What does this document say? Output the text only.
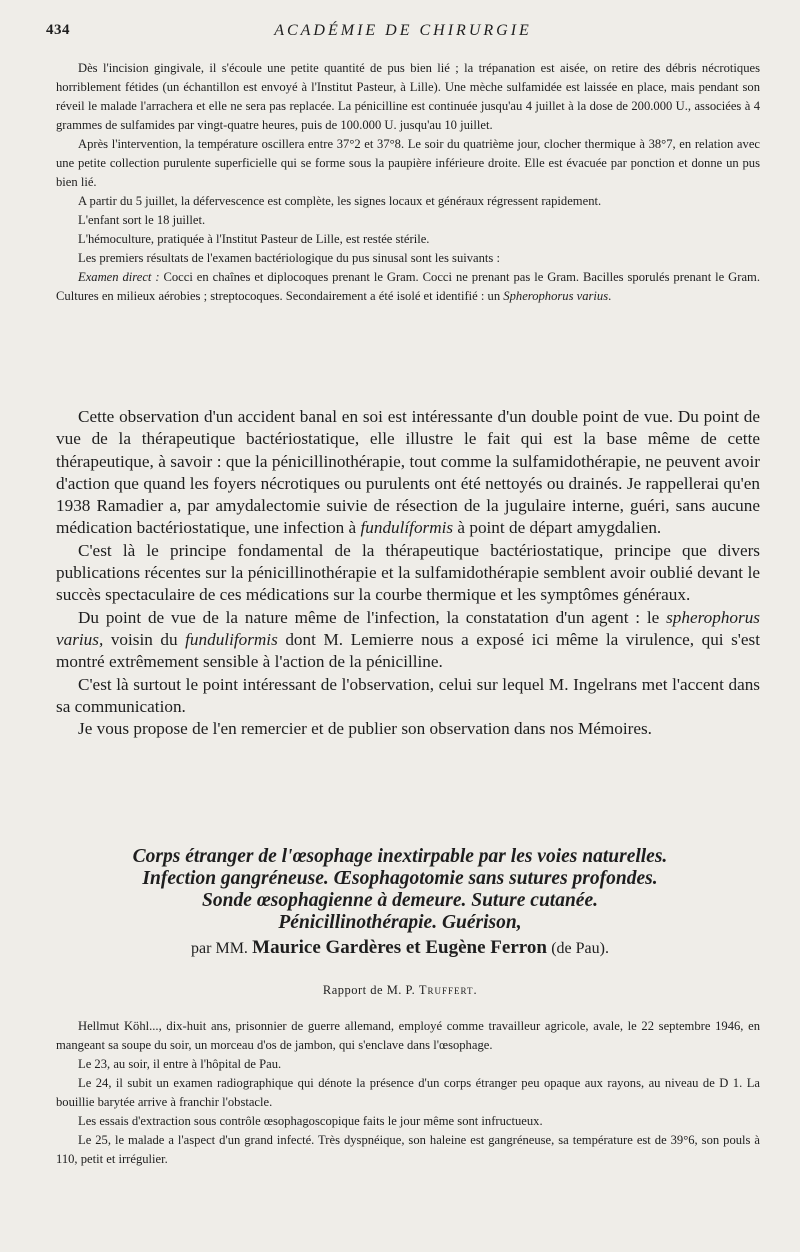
434	ACADÉMIE DE CHIRURGIE

Dès l'incision gingivale, il s'écoule une petite quantité de pus bien lié ; la trépanation est aisée, on retire des débris nécrotiques horriblement fétides (un échantillon est envoyé à l'Institut Pasteur, à Lille). Une mèche sulfamidée est laissée en place, mais pendant son réveil le malade l'arrachera et elle ne sera pas replacée. La pénicilline est continuée jusqu'au 4 juillet à la dose de 200.000 U., associées à 4 grammes de sulfamides par vingt-quatre heures, puis de 100.000 U. jusqu'au 10 juillet.

Après l'intervention, la température oscillera entre 37°2 et 37°8. Le soir du quatrième jour, clocher thermique à 38°7, en relation avec une petite collection purulente superficielle qui se forme sous la paupière inférieure droite. Elle est évacuée par ponction et donne un pus bien lié.

A partir du 5 juillet, la défervescence est complète, les signes locaux et généraux régressent rapidement.

L'enfant sort le 18 juillet.

L'hémoculture, pratiquée à l'Institut Pasteur de Lille, est restée stérile.

Les premiers résultats de l'examen bactériologique du pus sinusal sont les suivants :

Examen direct : Cocci en chaînes et diplocoques prenant le Gram. Cocci ne prenant pas le Gram. Bacilles sporulés prenant le Gram. Cultures en milieux aérobies ; streptocoques. Secondairement a été isolé et identifié : un Spherophorus varius.

Cette observation d'un accident banal en soi est intéressante d'un double point de vue. Du point de vue de la thérapeutique bactériostatique, elle illustre le fait qui est la base même de cette thérapeutique, à savoir : que la pénicillinothérapie, tout comme la sulfamidothérapie, ne peuvent avoir d'action que quand les foyers nécrotiques ou purulents ont été nettoyés ou drainés. Je rappellerai qu'en 1938 Ramadier a, par amydalectomie suivie de résection de la jugulaire interne, guéri, sans aucune médication bactériostatique, une infection à fundulíformis à point de départ amygdalien.

C'est là le principe fondamental de la thérapeutique bactériostatique, principe que divers publications récentes sur la pénicillinothérapie et la sulfamidothérapie semblent avoir oublié devant le succès spectaculaire de ces médications sur la courbe thermique et les symptômes généraux.

Du point de vue de la nature même de l'infection, la constatation d'un agent : le spherophorus varius, voisin du funduliformis dont M. Lemierre nous a exposé ici même la virulence, qui s'est montré extrêmement sensible à l'action de la pénicilline.

C'est là surtout le point intéressant de l'observation, celui sur lequel M. Ingelrans met l'accent dans sa communication.

Je vous propose de l'en remercier et de publier son observation dans nos Mémoires.

Corps étranger de l'œsophage inextirpable par les voies naturelles.
Infection gangréneuse. Œsophagotomie sans sutures profondes.
Sonde œsophagienne à demeure. Suture cutanée.
Pénicillinothérapie. Guérison,
par MM. Maurice Gardères et Eugène Ferron (de Pau).
Rapport de M. P. Truffert.

Hellmut Köhl..., dix-huit ans, prisonnier de guerre allemand, employé comme travailleur agricole, avale, le 22 septembre 1946, en mangeant sa soupe du soir, un morceau d'os de jambon, qui s'enclave dans l'œsophage.

Le 23, au soir, il entre à l'hôpital de Pau.

Le 24, il subit un examen radiographique qui dénote la présence d'un corps étranger peu opaque aux rayons, au niveau de D 1. La bouillie barytée arrive à franchir l'obstacle.

Les essais d'extraction sous contrôle œsophagoscopique faits le jour même sont infructueux.

Le 25, le malade a l'aspect d'un grand infecté. Très dyspnéique, son haleine est gangréneuse, sa température est de 39°6, son pouls à 110, petit et irrégulier.
